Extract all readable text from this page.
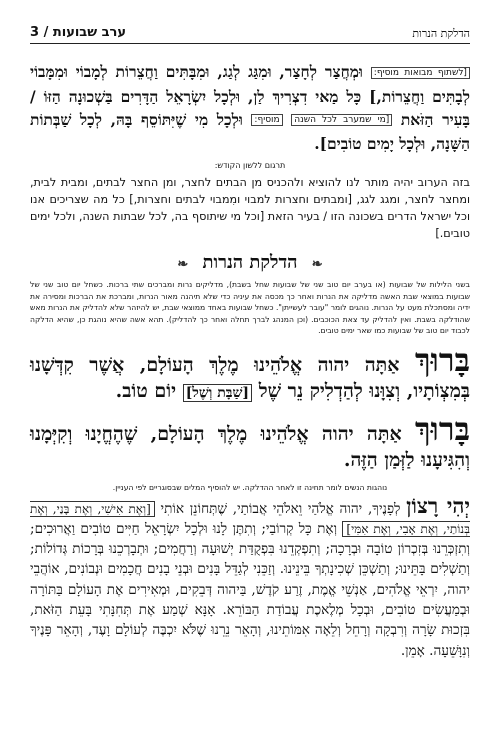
ערב שבועות / 3	הדלקת הנרות
[לשתוף מבואות מוסיף: וּמְחֲצַר לְחָצַר, וּמִגַּג לְגַג, וּמִבָּתִּים וַחֲצֵרוֹת לְמָבוֹי וּמִמָּבוֹי לְבָתִּים וַחֲצֵרוֹת,] כָּל מַאי דִצְרִיךְ לַן, וּלְכָל יִשְׂרָאֵל הַדָּרִים בַּשְׁכוּנָה הַזּוֹ / בָּעִיר הַזֹּאת [מי שמערב לכל השנה מוסיף: וּלְכָל מִי שֶׁיִּתּוֹסֵף בָּהּ, לְכָל שַׁבְּתוֹת הַשָּׁנָה, וּלְכָל יָמִים טוֹבִים].
תרגום ללשון הקודש:
בזה הערוב יהיה מותר לנו להוציא ולהכניס מן הבתים לחצר, ומן החצר לבתים, ומבית לבית, ומחצר לחצר, ומגג לגג, [ומבתים וחצרות למבוי ומִמבוי לבתים וחצרות,] כל מה שצריכים אנו וכל ישראל הדרים בשכונה הזו / בעיר הזאת [וכל מי שיתוסף בה, לכל שבתות השנה, ולכל ימים טובים.]
❧ הדלקת הנרות ❧
בשני הלילות של שבועות (או בערב יום טוב שני של שבועות שחל בשבת), מדליקים נרות ומברכים שתי ברכות. כשחל יום טוב שני של שבועות במוצאי שבת האשה מדליקה את הנרות ואחר כך מכסה את עיניה כדי שלא תיהנה מאור הנרות, ומברכת את הברכות ומסירה את ידיה ומסתכלת מעט על הנרות. נוהגים לומר "עובר לעשייתן". כשחל שבועות באחד ממוצאי שבת, יש להיזהר שלא להדליק את הנרות מאש שהודלקה בשבת. ואין להדליק עד צאת הכוכבים. (וכן המנהג לברך תחלה ואחר כך להדליק). תהא אשה שהיא נוהגת כן, שהיא הדלקה לכבוד יום טוב של שבועות כמו שאר ימים טובים.
בָּרוּךְ אַתָּה יהוה אֱלֹהֵינוּ מֶלֶךְ הָעוֹלָם, אֲשֶׁר קִדְּשָׁנוּ בְּמִצְוֹתָיו, וְצִוָּנוּ לְהַדְלִיק נֵר שֶׁל [שַׁבָּת וְשֶׁל] יוֹם טוֹב.
בָּרוּךְ אַתָּה יהוה אֱלֹהֵינוּ מֶלֶךְ הָעוֹלָם, שֶׁהֶחֱיָנוּ וְקִיְּמָנוּ וְהִגִּיעָנוּ לַזְּמַן הַזֶּה.
נוהגות הנשים לומר תחינה זו לאחר ההדלקה. יש להוסיף המלים שבסוגריים לפי העניין.
יְהִי רָצוֹן לְפָנֶיךָ, יהוה אֱלֹהַי וֵאלֹהֵי אֲבוֹתַי, שֶׁתְּחוֹנֵן אוֹתִי [וְאֶת אִישִׁי, וְאֶת בָּנַי, וְאֶת בְּנוֹתַי, וְאֶת אָבִי, וְאֶת אִמִּי] וְאֶת כָּל קְרוֹבַי; וְתִתֶּן לָנוּ וּלְכָל יִשְׂרָאֵל חַיִּים טוֹבִים וַאֲרוּכִים; וְתִזְכְּרֵנוּ בְּזִכְרוֹן טוֹבָה וּבְרָכָה; וְתִפְקְדֵנוּ בִּפְקֻדַּת יְשׁוּעָה וְרַחֲמִים; וּתְבָרְכֵנוּ בְּרָכוֹת גְּדוֹלוֹת; וְתַשְׁלִים בָּתֵּינוּ; וְתַשְׁכֵּן שְׁכִינָתְךָ בֵּינֵינוּ. וְזַכֵּנִי לְגַדֵּל בָּנִים וּבְנֵי בָנִים חֲכָמִים וּנְבוֹנִים, אוֹהֲבֵי יהוה, יִרְאֵי אֱלֹהִים, אַנְשֵׁי אֱמֶת, זֶרַע קֹדֶשׁ, בַּיהוה דְּבֵקִים, וּמְאִירִים אֶת הָעוֹלָם בַּתּוֹרָה וּבְמַעֲשִׂים טוֹבִים, וּבְכָל מְלֶאכֶת עֲבוֹדַת הַבּוֹרֵא. אָנָּא שְׁמַע אֶת תְּחִנָּתִי בָּעֵת הַזֹּאת, בִּזְכוּת שָׂרָה וְרִבְקָה וְרָחֵל וְלֵאָה אִמּוֹתֵינוּ, וְהָאֵר נֵרֵנוּ שֶׁלֹּא יִכְבֶּה לְעוֹלָם וָעֶד, וְהָאֵר פָּנֶיךָ וְנִוָּשֵׁעָה. אָמֵן.
